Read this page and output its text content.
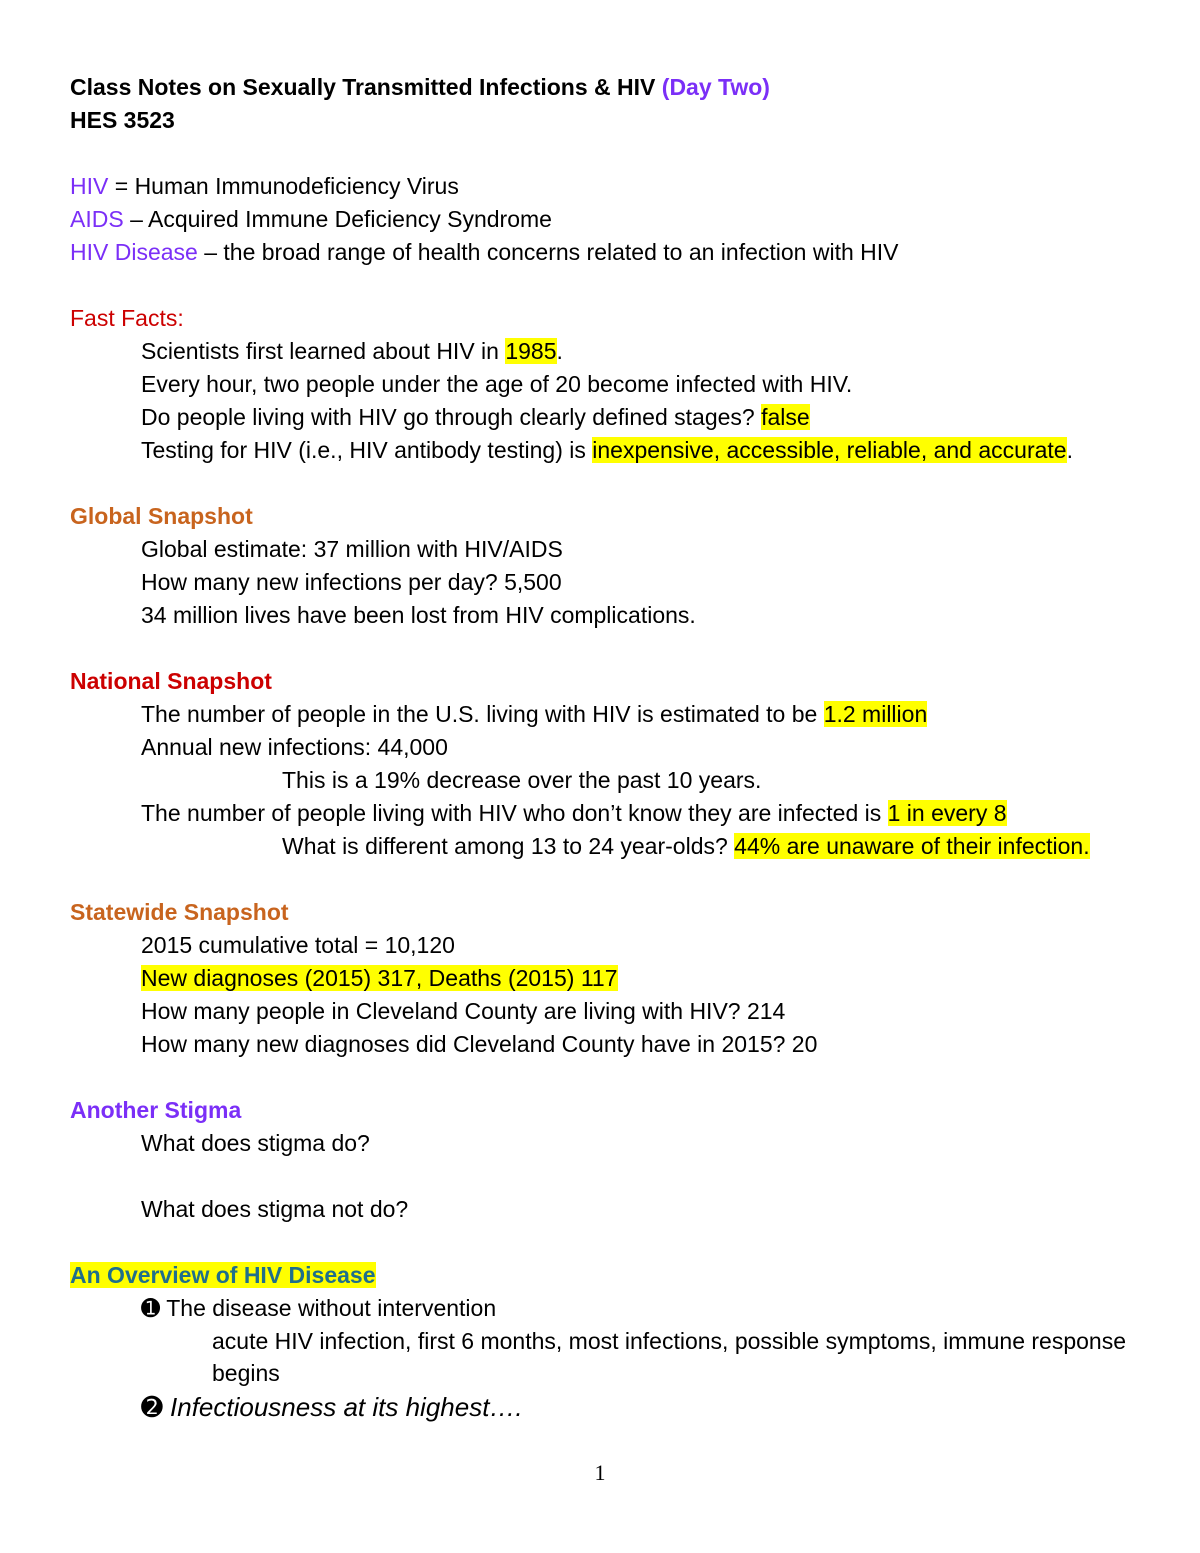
Class Notes on Sexually Transmitted Infections & HIV (Day Two)
HES 3523
HIV = Human Immunodeficiency Virus
AIDS – Acquired Immune Deficiency Syndrome
HIV Disease – the broad range of health concerns related to an infection with HIV
Fast Facts:
Scientists first learned about HIV in 1985.
Every hour, two people under the age of 20 become infected with HIV.
Do people living with HIV go through clearly defined stages? false
Testing for HIV (i.e., HIV antibody testing) is inexpensive, accessible, reliable, and accurate.
Global Snapshot
Global estimate: 37 million with HIV/AIDS
How many new infections per day? 5,500
34 million lives have been lost from HIV complications.
National Snapshot
The number of people in the U.S. living with HIV is estimated to be 1.2 million
Annual new infections: 44,000
This is a 19% decrease over the past 10 years.
The number of people living with HIV who don’t know they are infected is 1 in every 8
What is different among 13 to 24 year-olds? 44% are unaware of their infection.
Statewide Snapshot
2015 cumulative total = 10,120
New diagnoses (2015) 317, Deaths (2015) 117
How many people in Cleveland County are living with HIV? 214
How many new diagnoses did Cleveland County have in 2015? 20
Another Stigma
What does stigma do?
What does stigma not do?
An Overview of HIV Disease
➊ The disease without intervention
acute HIV infection, first 6 months, most infections, possible symptoms, immune response
begins
➋ Infectiousness at its highest….
1
